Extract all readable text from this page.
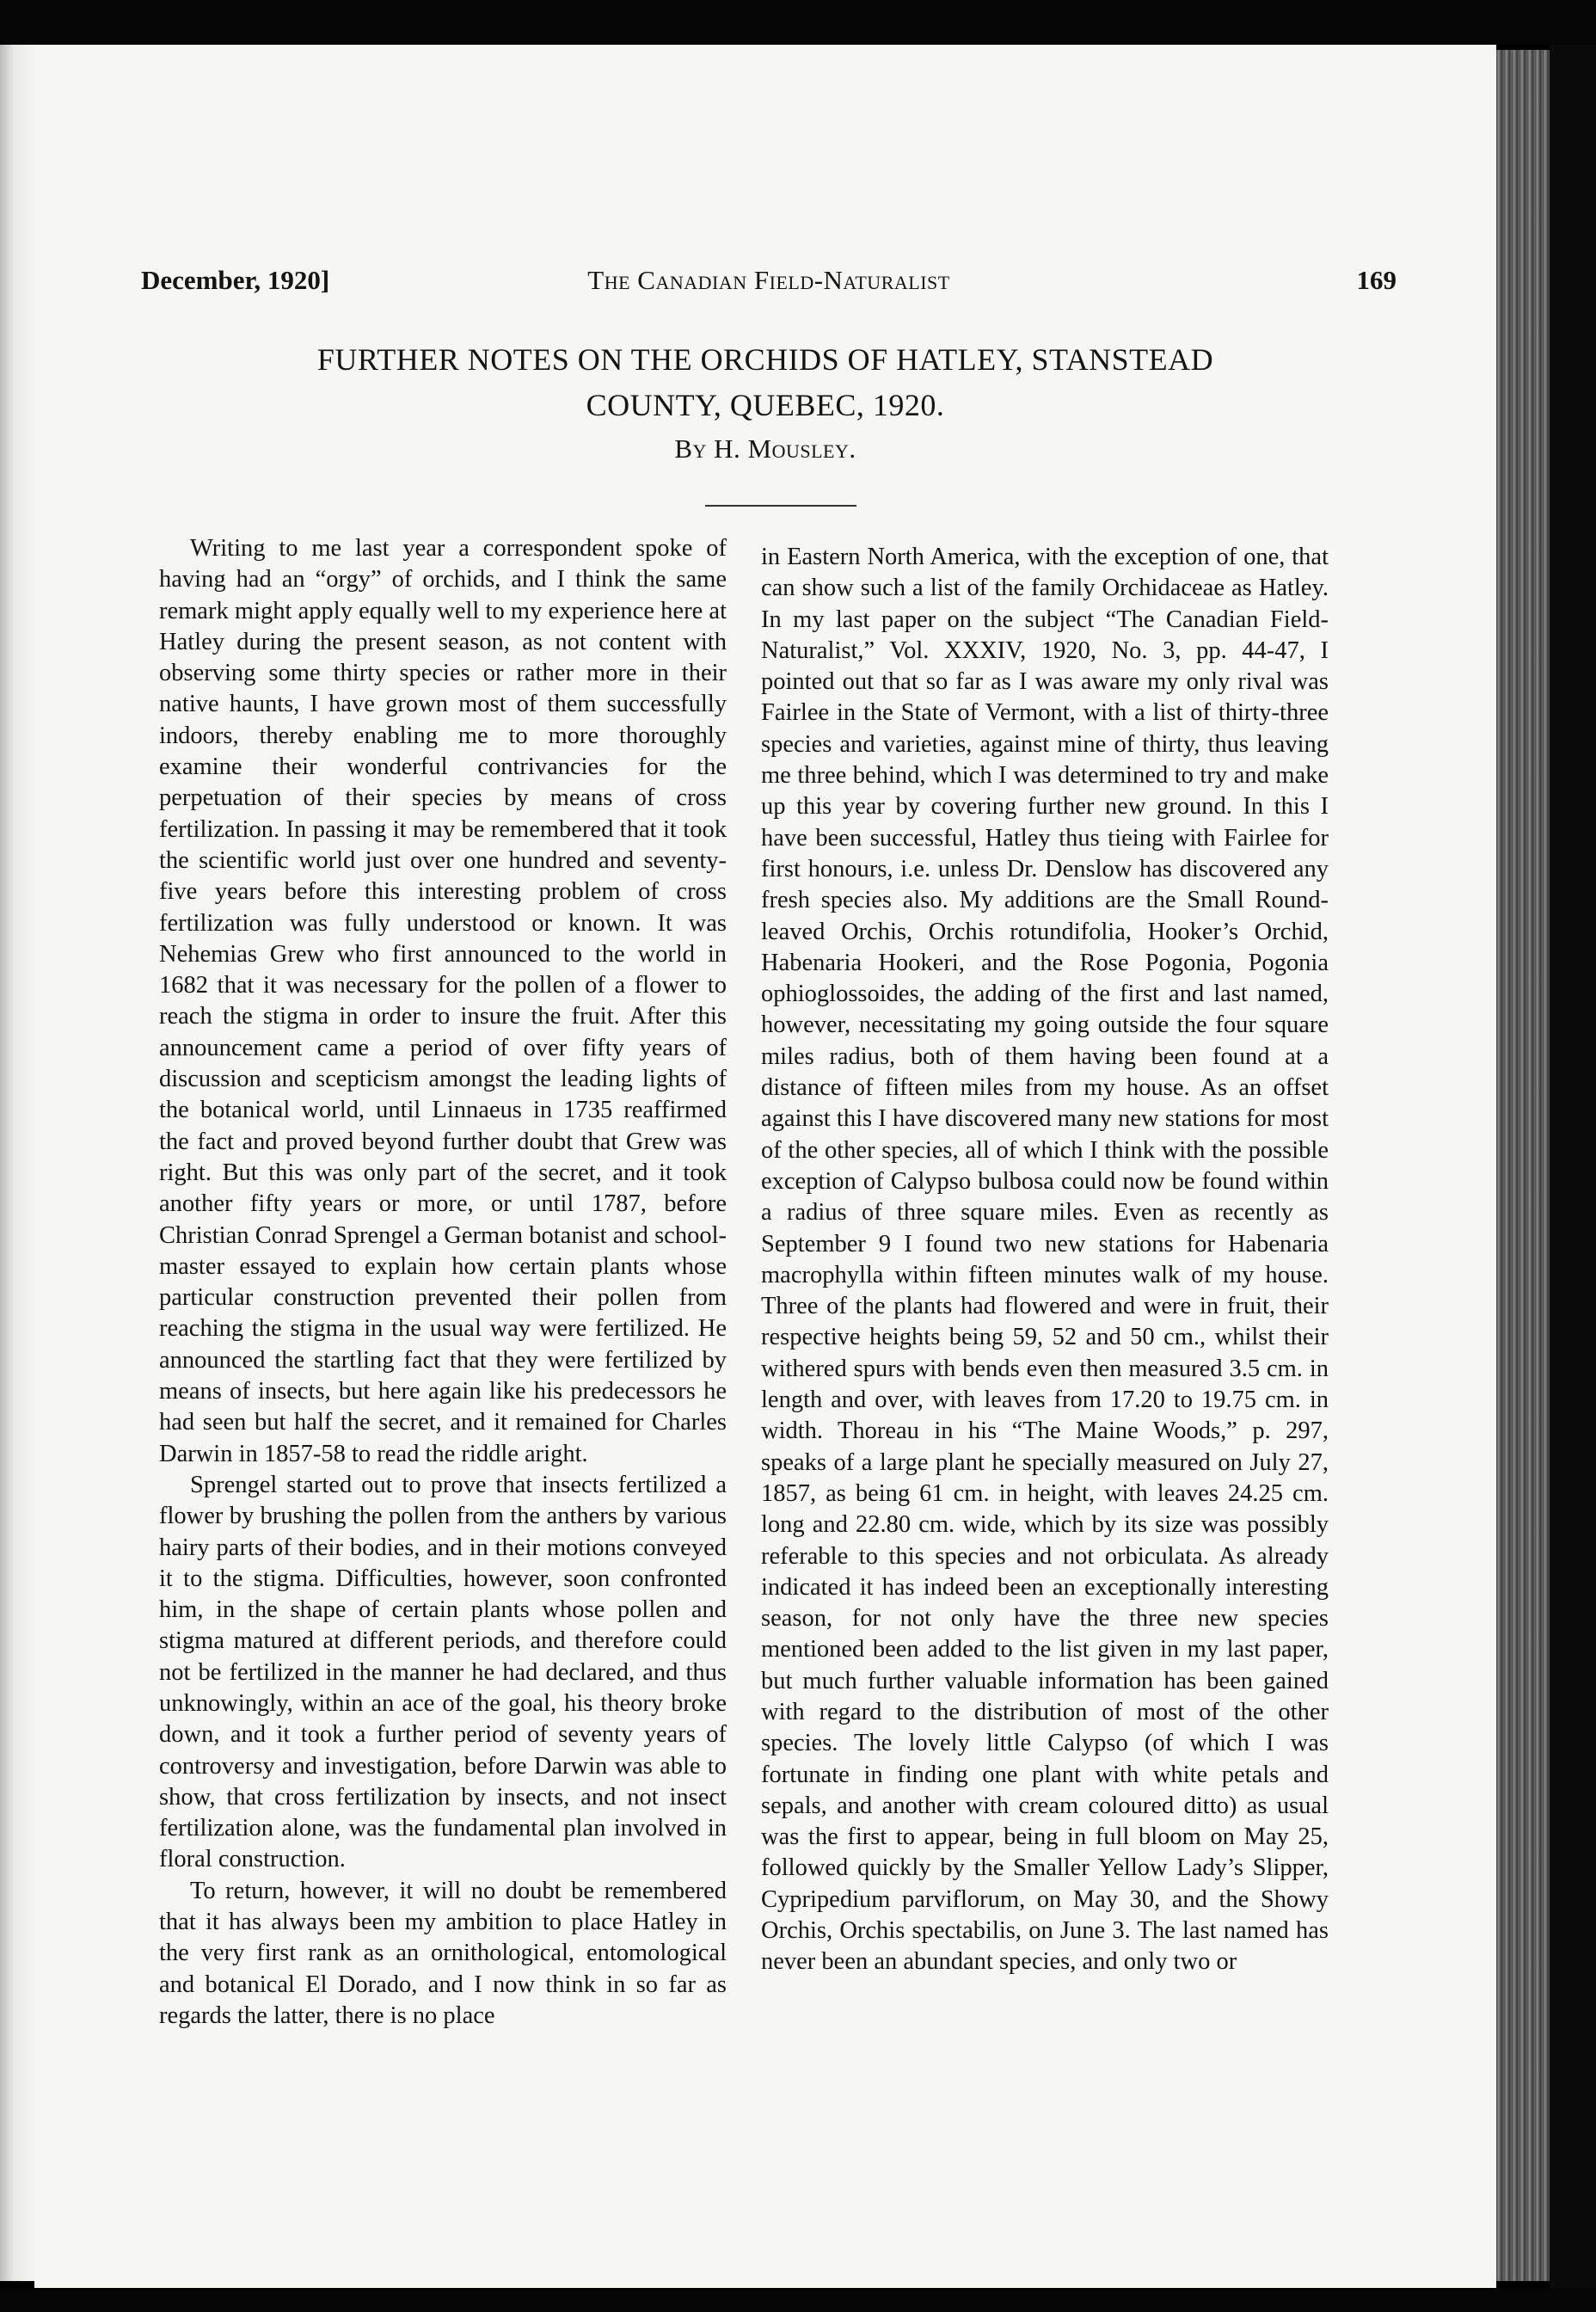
December, 1920]	The Canadian Field-Naturalist	169
FURTHER NOTES ON THE ORCHIDS OF HATLEY, STANSTEAD
COUNTY, QUEBEC, 1920.
By H. Mousley.

Writing to me last year a correspondent spoke of having had an “orgy” of orchids, and I think the same remark might apply equally well to my experience here at Hatley during the present season, as not content with observing some thirty species or rather more in their native haunts, I have grown most of them successfully indoors, thereby enabling me to more thoroughly examine their wonderful contrivancies for the perpetuation of their species by means of cross fertilization. In passing it may be remembered that it took the scientific world just over one hundred and seventy-five years before this interesting problem of cross fertilization was fully understood or known. It was Nehemias Grew who first announced to the world in 1682 that it was necessary for the pollen of a flower to reach the stigma in order to insure the fruit. After this announcement came a period of over fifty years of discussion and scepticism amongst the leading lights of the botanical world, until Linnaeus in 1735 reaffirmed the fact and proved beyond further doubt that Grew was right. But this was only part of the secret, and it took another fifty years or more, or until 1787, before Christian Conrad Sprengel a German botanist and school-master essayed to explain how certain plants whose particular construction prevented their pollen from reaching the stigma in the usual way were fertilized. He announced the startling fact that they were fertilized by means of insects, but here again like his predecessors he had seen but half the secret, and it remained for Charles Darwin in 1857-58 to read the riddle aright.

Sprengel started out to prove that insects fertilized a flower by brushing the pollen from the anthers by various hairy parts of their bodies, and in their motions conveyed it to the stigma. Difficulties, however, soon confronted him, in the shape of certain plants whose pollen and stigma matured at different periods, and therefore could not be fertilized in the manner he had declared, and thus unknowingly, within an ace of the goal, his theory broke down, and it took a further period of seventy years of controversy and investigation, before Darwin was able to show, that cross fertilization by insects, and not insect fertilization alone, was the fundamental plan involved in floral construction.

To return, however, it will no doubt be remembered that it has always been my ambition to place Hatley in the very first rank as an ornithological, entomological and botanical El Dorado, and I now think in so far as regards the latter, there is no place

in Eastern North America, with the exception of one, that can show such a list of the family Orchidaceae as Hatley. In my last paper on the subject “The Canadian Field-Naturalist,” Vol. XXXIV, 1920, No. 3, pp. 44-47, I pointed out that so far as I was aware my only rival was Fairlee in the State of Vermont, with a list of thirty-three species and varieties, against mine of thirty, thus leaving me three behind, which I was determined to try and make up this year by covering further new ground. In this I have been successful, Hatley thus tieing with Fairlee for first honours, i.e. unless Dr. Denslow has discovered any fresh species also. My additions are the Small Round-leaved Orchis, Orchis rotundifolia, Hooker’s Orchid, Habenaria Hookeri, and the Rose Pogonia, Pogonia ophioglossoides, the adding of the first and last named, however, necessitating my going outside the four square miles radius, both of them having been found at a distance of fifteen miles from my house. As an offset against this I have discovered many new stations for most of the other species, all of which I think with the possible exception of Calypso bulbosa could now be found within a radius of three square miles. Even as recently as September 9 I found two new stations for Habenaria macrophylla within fifteen minutes walk of my house. Three of the plants had flowered and were in fruit, their respective heights being 59, 52 and 50 cm., whilst their withered spurs with bends even then measured 3.5 cm. in length and over, with leaves from 17.20 to 19.75 cm. in width. Thoreau in his “The Maine Woods,” p. 297, speaks of a large plant he specially measured on July 27, 1857, as being 61 cm. in height, with leaves 24.25 cm. long and 22.80 cm. wide, which by its size was possibly referable to this species and not orbiculata. As already indicated it has indeed been an exceptionally interesting season, for not only have the three new species mentioned been added to the list given in my last paper, but much further valuable information has been gained with regard to the distribution of most of the other species. The lovely little Calypso (of which I was fortunate in finding one plant with white petals and sepals, and another with cream coloured ditto) as usual was the first to appear, being in full bloom on May 25, followed quickly by the Smaller Yellow Lady’s Slipper, Cypripedium parviflorum, on May 30, and the Showy Orchis, Orchis spectabilis, on June 3. The last named has never been an abundant species, and only two or
